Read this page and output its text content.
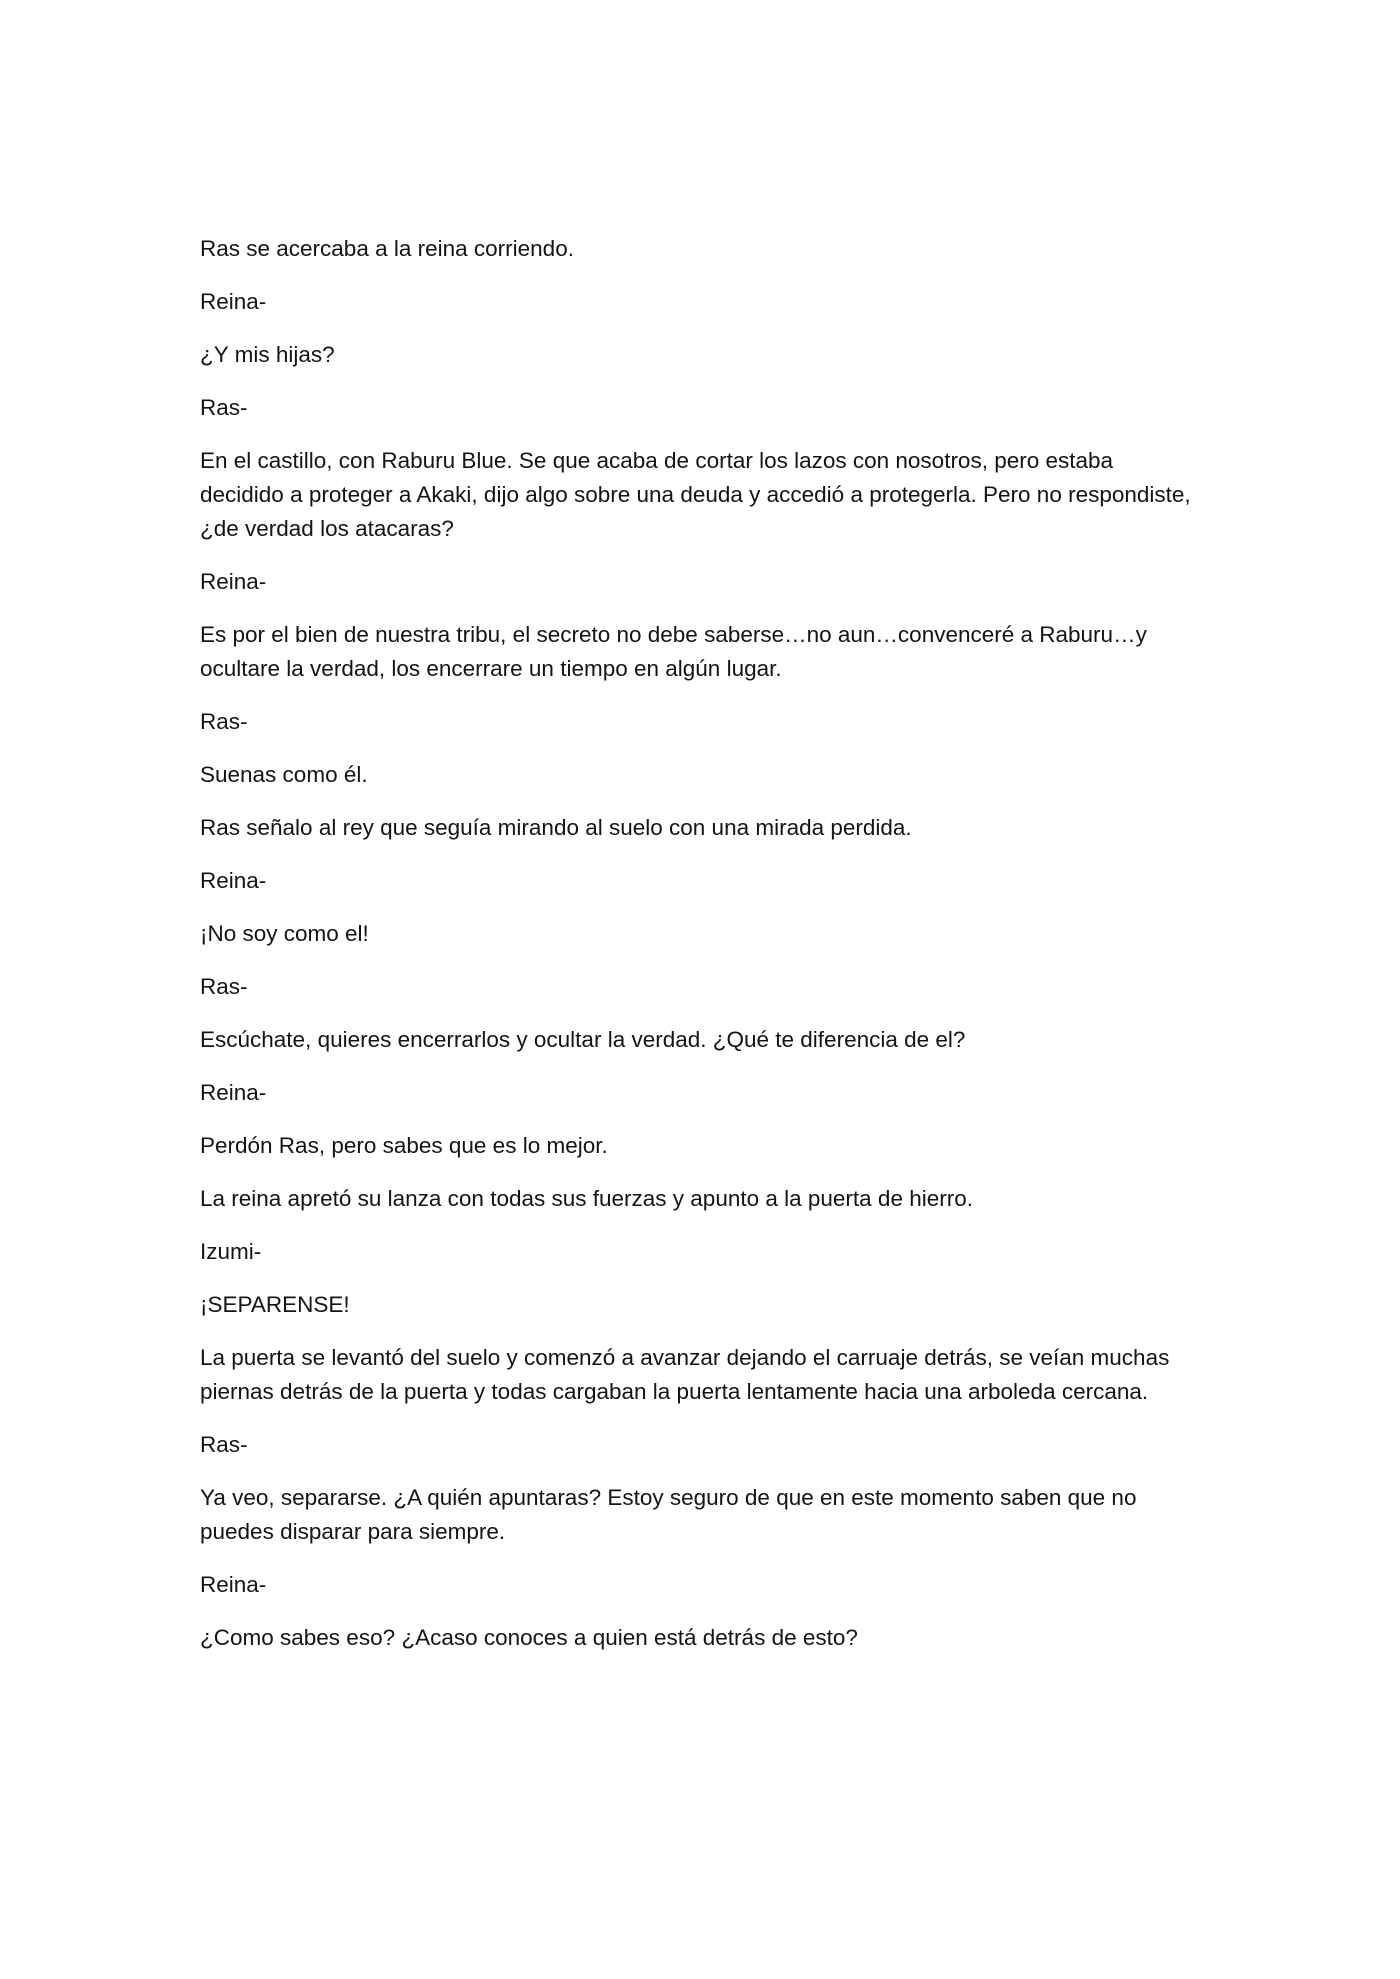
Ras se acercaba a la reina corriendo.

Reina-

¿Y mis hijas?

Ras-

En el castillo, con Raburu Blue. Se que acaba de cortar los lazos con nosotros, pero estaba decidido a proteger a Akaki, dijo algo sobre una deuda y accedió a protegerla. Pero no respondiste, ¿de verdad los atacaras?

Reina-

Es por el bien de nuestra tribu, el secreto no debe saberse…no aun…convenceré a Raburu…y ocultare la verdad, los encerrare un tiempo en algún lugar.

Ras-

Suenas como él.

Ras señalo al rey que seguía mirando al suelo con una mirada perdida.

Reina-

¡No soy como el!

Ras-

Escúchate, quieres encerrarlos y ocultar la verdad. ¿Qué te diferencia de el?

Reina-

Perdón Ras, pero sabes que es lo mejor.

La reina apretó su lanza con todas sus fuerzas y apunto a la puerta de hierro.

Izumi-

¡SEPARENSE!

La puerta se levantó del suelo y comenzó a avanzar dejando el carruaje detrás, se veían muchas piernas detrás de la puerta y todas cargaban la puerta lentamente hacia una arboleda cercana.

Ras-

Ya veo, separarse. ¿A quién apuntaras? Estoy seguro de que en este momento saben que no puedes disparar para siempre.

Reina-

¿Como sabes eso? ¿Acaso conoces a quien está detrás de esto?
